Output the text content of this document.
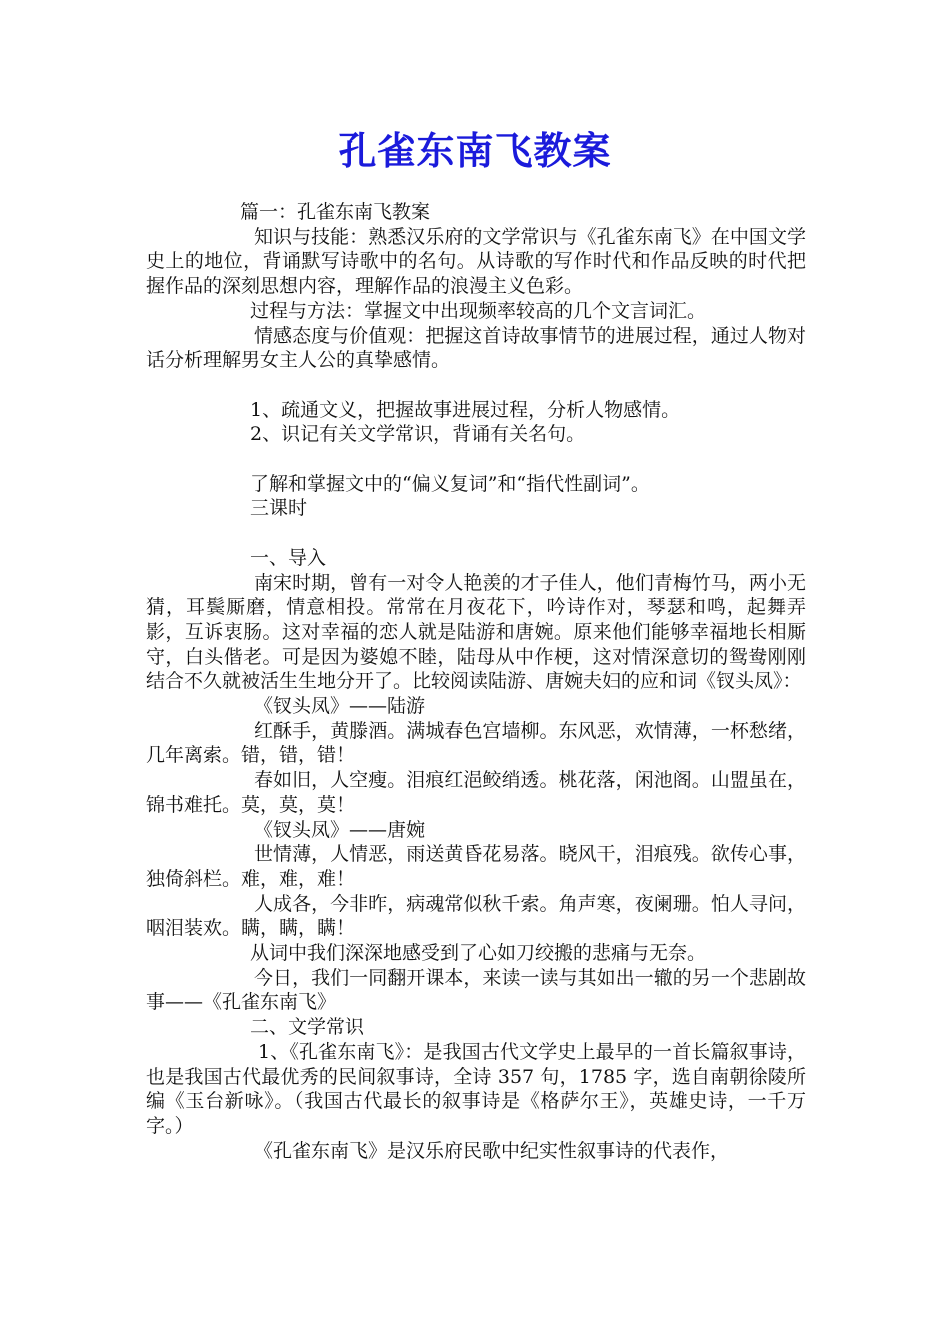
孔雀东南飞教案

篇一：孔雀东南飞教案

知识与技能：熟悉汉乐府的文学常识与《孔雀东南飞》在中国文学史上的地位，背诵默写诗歌中的名句。从诗歌的写作时代和作品反映的时代把握作品的深刻思想内容，理解作品的浪漫主义色彩。

过程与方法：掌握文中出现频率较高的几个文言词汇。

情感态度与价值观：把握这首诗故事情节的进展过程，通过人物对话分析理解男女主人公的真挚感情。

1、疏通文义，把握故事进展过程，分析人物感情。

2、识记有关文学常识，背诵有关名句。

了解和掌握文中的“偏义复词”和“指代性副词”。

三课时

一、导入

南宋时期，曾有一对令人艳羡的才子佳人，他们青梅竹马，两小无猜，耳鬓厮磨，情意相投。常常在月夜花下，吟诗作对，琴瑟和鸣，起舞弄影，互诉衷肠。这对幸福的恋人就是陆游和唐婉。原来他们能够幸福地长相厮守，白头偕老。可是因为婆媳不睦，陆母从中作梗，这对情深意切的鸳鸯刚刚结合不久就被活生生地分开了。比较阅读陆游、唐婉夫妇的应和词《钗头凤》：

《钗头凤》——陆游

红酥手，黄滕酒。满城春色宫墙柳。东风恶，欢情薄，一杯愁绪，几年离索。错，错，错！

春如旧，人空瘦。泪痕红浥鲛绡透。桃花落，闲池阁。山盟虽在，锦书难托。莫，莫，莫！

《钗头凤》——唐婉

世情薄，人情恶，雨送黄昏花易落。晓风干，泪痕残。欲传心事，独倚斜栏。难，难，难！

人成各，今非昨，病魂常似秋千索。角声寒，夜阑珊。怕人寻问，咽泪装欢。瞒，瞒，瞒！

从词中我们深深地感受到了心如刀绞搬的悲痛与无奈。

今日，我们一同翻开课本，来读一读与其如出一辙的另一个悲剧故事——《孔雀东南飞》

二、文学常识

1、《孔雀东南飞》：是我国古代文学史上最早的一首长篇叙事诗，也是我国古代最优秀的民间叙事诗，全诗 357 句，1785 字，选自南朝徐陵所编《玉台新咏》。（我国古代最长的叙事诗是《格萨尔王》，英雄史诗，一千万字。）

《孔雀东南飞》是汉乐府民歌中纪实性叙事诗的代表作，
